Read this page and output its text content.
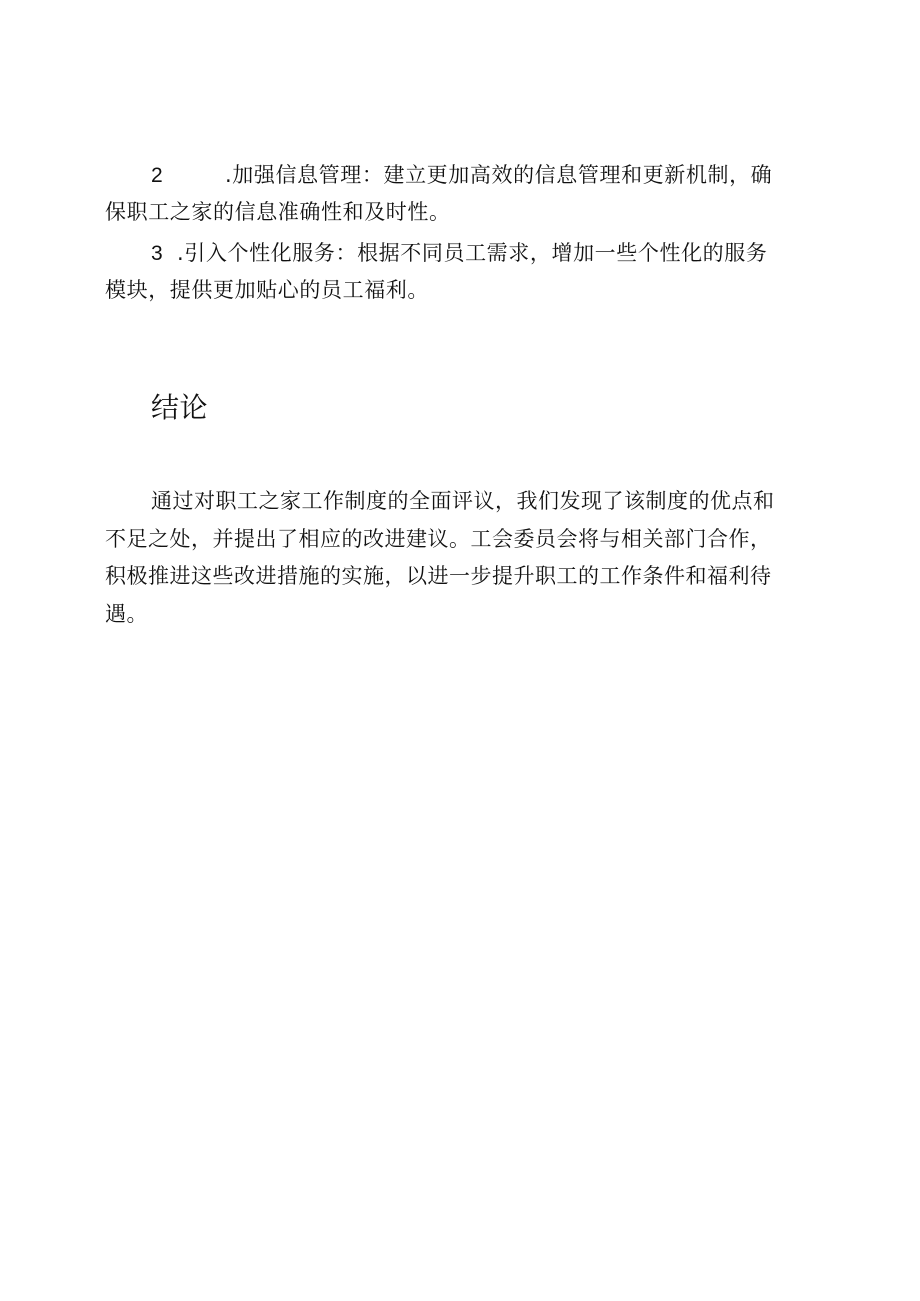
2	.加强信息管理：建立更加高效的信息管理和更新机制，确
保职工之家的信息准确性和及时性。
3 .引入个性化服务：根据不同员工需求，增加一些个性化的服务
模块，提供更加贴心的员工福利。
结论
通过对职工之家工作制度的全面评议，我们发现了该制度的优点和
不足之处，并提出了相应的改进建议。工会委员会将与相关部门合作，
积极推进这些改进措施的实施，以进一步提升职工的工作条件和福利待
遇。
